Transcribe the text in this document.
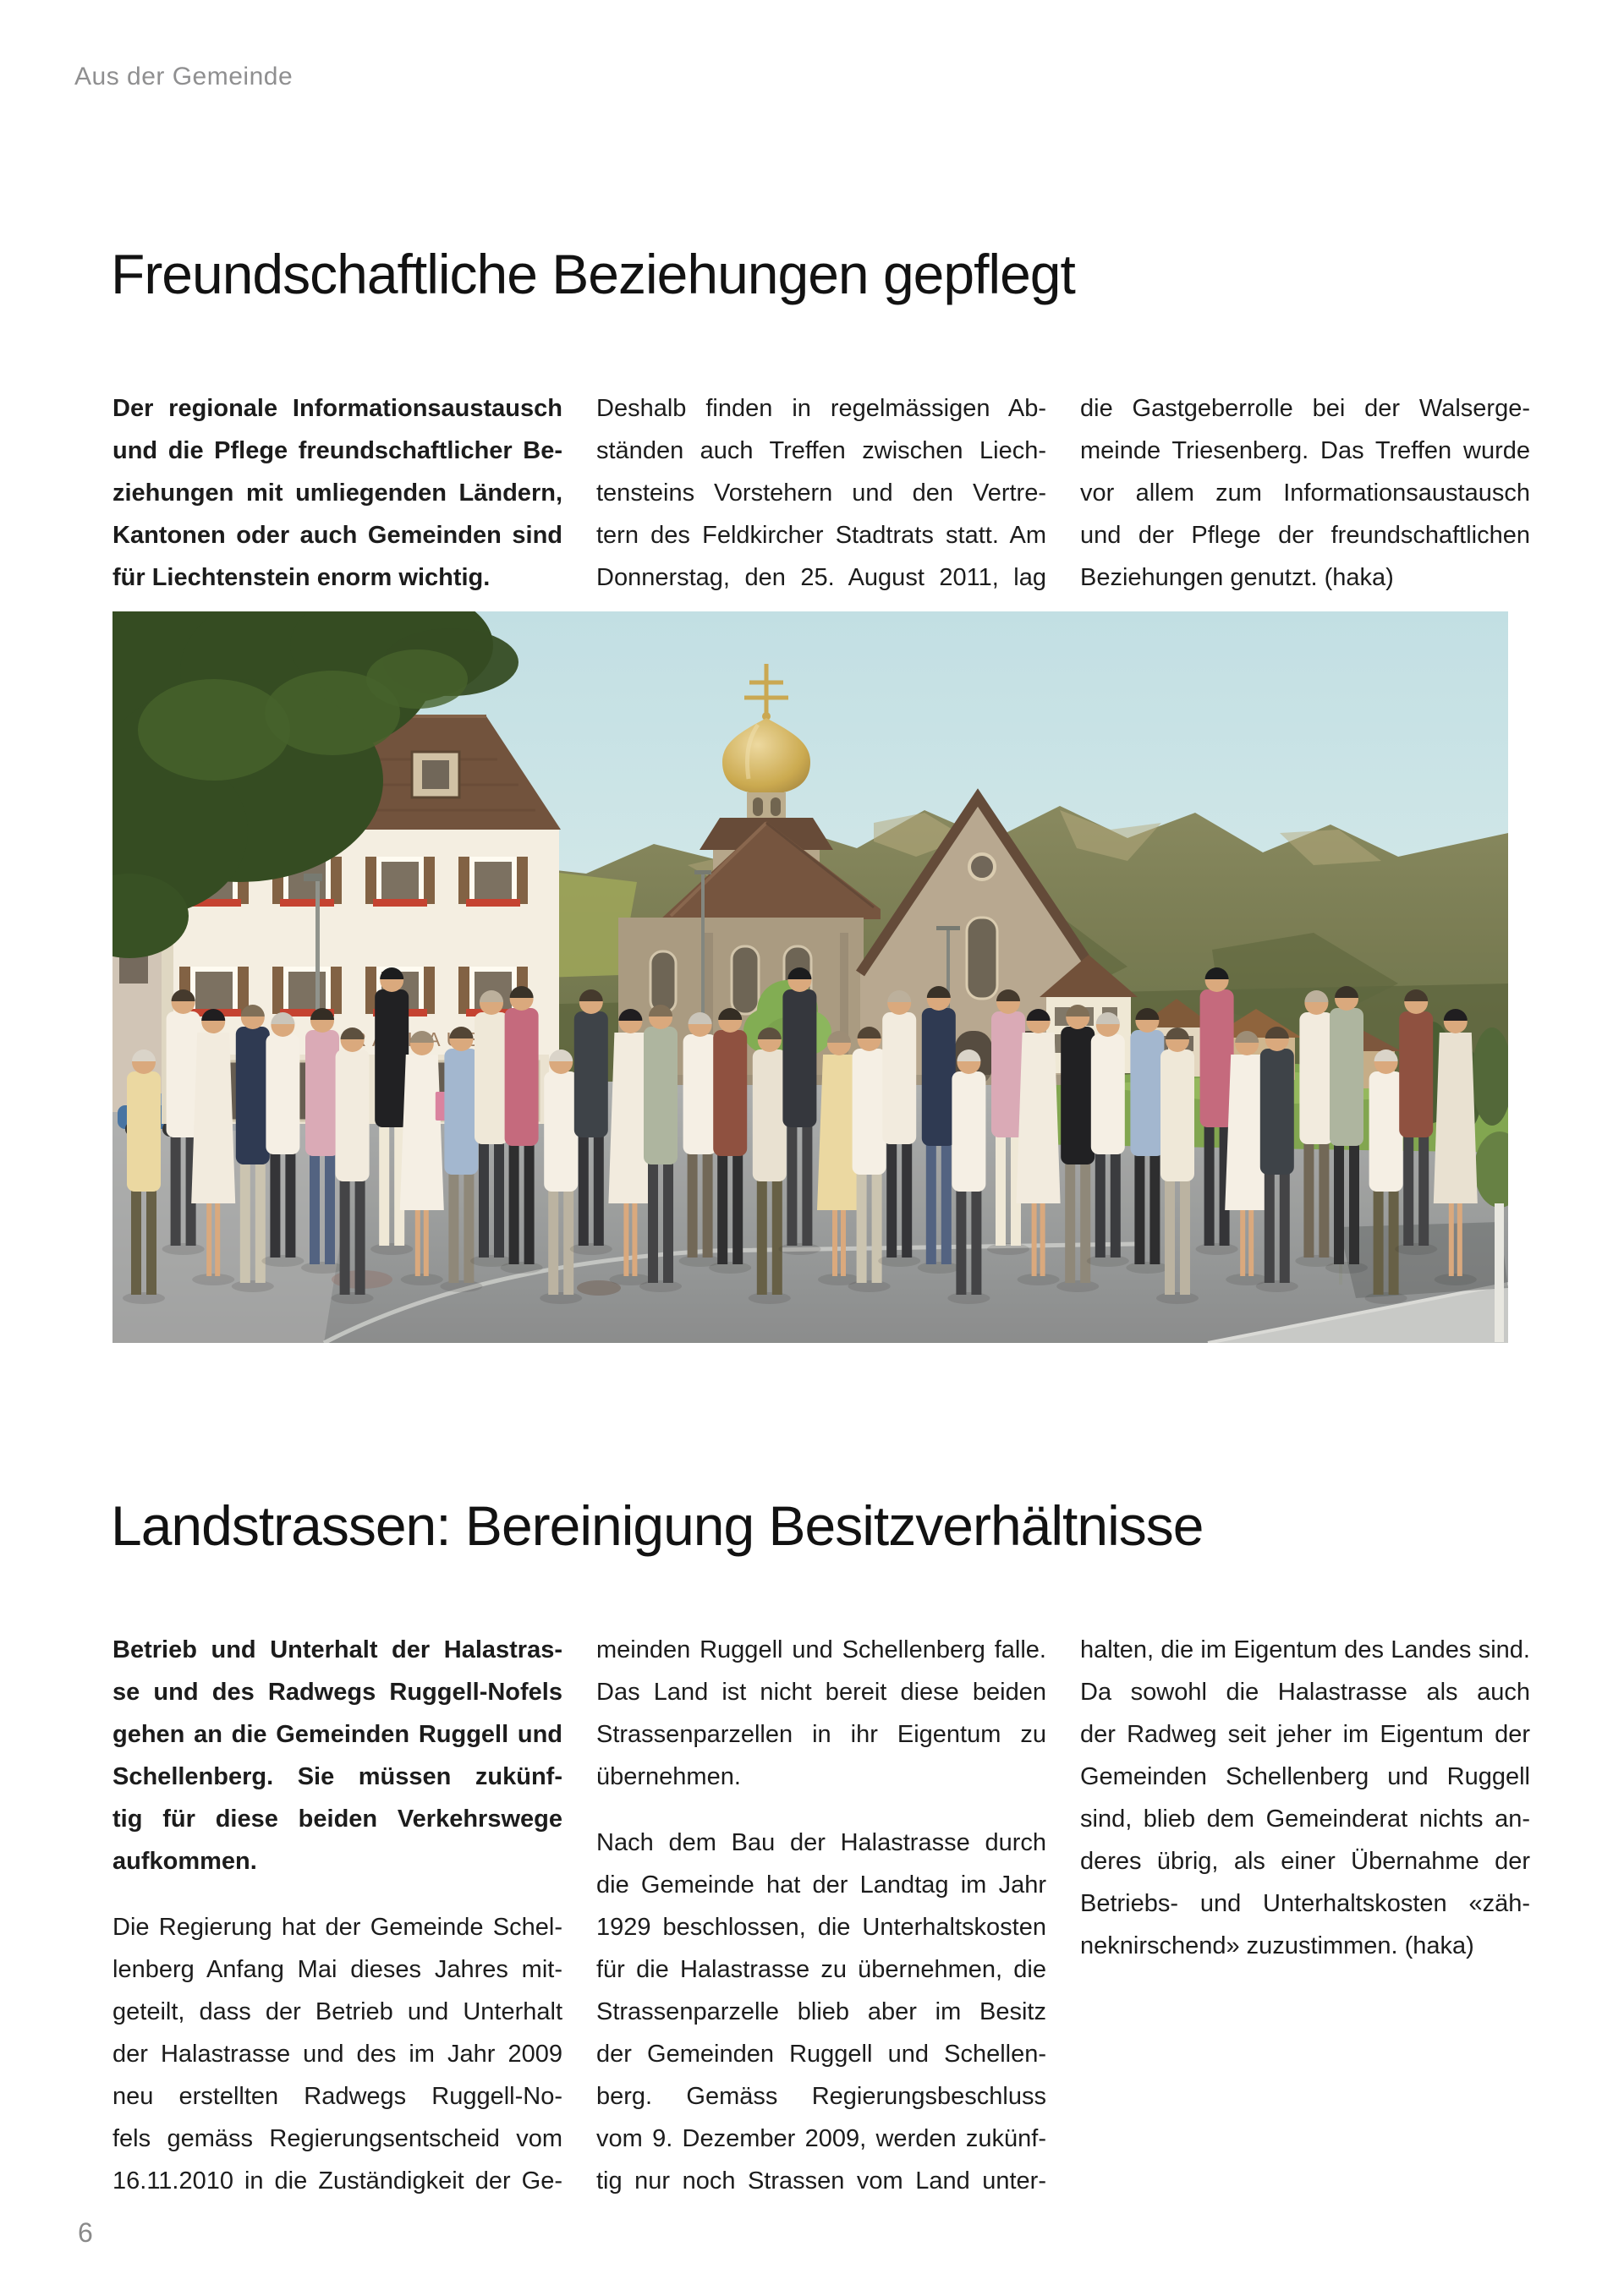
Aus der Gemeinde
Freundschaftliche Beziehungen gepflegt
Der regionale Informationsaustausch
und die Pflege freundschaftlicher Be-
ziehungen mit umliegenden Ländern,
Kantonen oder auch Gemeinden sind
für Liechtenstein enorm wichtig.
Deshalb finden in regelmässigen Ab-
ständen auch Treffen zwischen Liech-
tensteins Vorstehern und den Vertre-
tern des Feldkircher Stadtrats statt. Am
Donnerstag, den 25. August 2011, lag
die Gastgeberrolle bei der Walserge-
meinde Triesenberg. Das Treffen wurde
vor allem zum Informationsaustausch
und der Pflege der freundschaftlichen
Beziehungen genutzt. (haka)
Landstrassen: Bereinigung Besitzverhältnisse
Betrieb und Unterhalt der Halastras-
se und des Radwegs Ruggell-Nofels
gehen an die Gemeinden Ruggell und
Schellenberg. Sie müssen zukünf-
tig für diese beiden Verkehrswege
aufkommen.
Die Regierung hat der Gemeinde Schel-
lenberg Anfang Mai dieses Jahres mit-
geteilt, dass der Betrieb und Unterhalt
der Halastrasse und des im Jahr 2009
neu erstellten Radwegs Ruggell-No-
fels gemäss Regierungsentscheid vom
16.11.2010 in die Zuständigkeit der Ge-
meinden Ruggell und Schellenberg falle.
Das Land ist nicht bereit diese beiden
Strassenparzellen in ihr Eigentum zu
übernehmen.
Nach dem Bau der Halastrasse durch
die Gemeinde hat der Landtag im Jahr
1929 beschlossen, die Unterhaltskosten
für die Halastrasse zu übernehmen, die
Strassenparzelle blieb aber im Besitz
der Gemeinden Ruggell und Schellen-
berg. Gemäss Regierungsbeschluss
vom 9. Dezember 2009, werden zukünf-
tig nur noch Strassen vom Land unter-
halten, die im Eigentum des Landes sind.
Da sowohl die Halastrasse als auch
der Radweg seit jeher im Eigentum der
Gemeinden Schellenberg und Ruggell
sind, blieb dem Gemeinderat nichts an-
deres übrig, als einer Übernahme der
Betriebs- und Unterhaltskosten «zäh-
neknirschend» zuzustimmen. (haka)
6
